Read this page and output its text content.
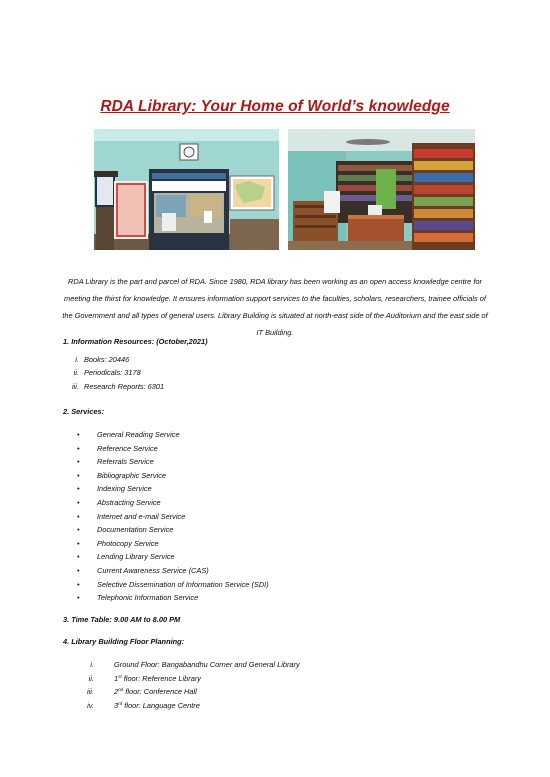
RDA Library: Your Home of World’s knowledge
RDA Library is the part and parcel of RDA. Since 1980, RDA library has been working as an open access knowledge centre for meeting the thirst for knowledge. It ensures information support services to the faculties, scholars, researchers, trainee officials of the Government and all types of general users. Library Building is situated at north-east side of the Auditorium and the east side of IT Building.
1. Information Resources: (October,2021)
i. Books: 20446
ii. Periodicals: 3178
iii. Research Reports: 6301
2. Services:
• General Reading Service
• Reference Service
• Referrals Service
• Bibliographic Service
• Indexing Service
• Abstracting Service
• Internet and e-mail Service
• Documentation Service
• Photocopy Service
• Lending Library Service
• Current Awareness Service (CAS)
• Selective Dissemination of Information Service (SDI)
• Telephonic Information Service
3. Time Table: 9.00 AM to 8.00 PM
4. Library Building Floor Planning:
i.	Ground Floor: Bangabandhu Corner and General Library
ii.	1st floor: Reference Library
iii.	2nd floor: Conference Hall
iv.	3rd floor: Language Centre
